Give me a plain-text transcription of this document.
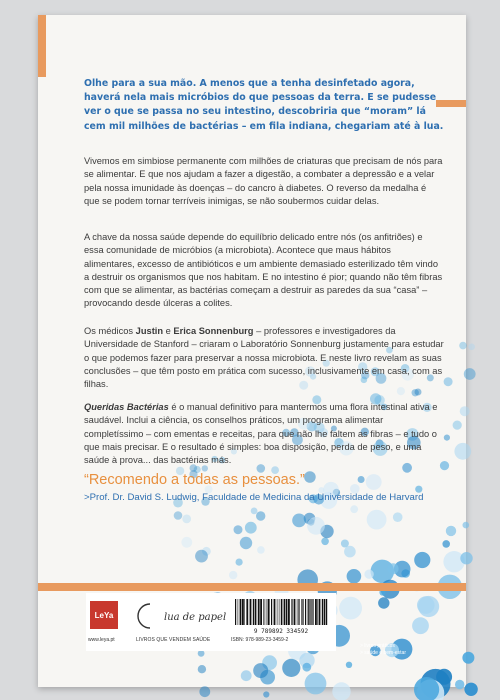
Olhe para a sua mão. A menos que a tenha desinfetado agora, haverá nela mais micróbios do que pessoas da terra. E se pudesse ver o que se passa no seu intestino, descobriria que “moram” lá cem mil milhões de bactérias – em fila indiana, chegariam até à lua.

Vivemos em simbiose permanente com milhões de criaturas que precisam de nós para se alimentar. E que nos ajudam a fazer a digestão, a combater a depressão e a velar pela nossa imunidade às doenças – do cancro à diabetes. O reverso da medalha é que se podem tornar terríveis inimigas, se não soubermos cuidar delas.

A chave da nossa saúde depende do equilíbrio delicado entre nós (os anfitriões) e essa comunidade de micróbios (a microbiota). Acontece que maus hábitos alimentares, excesso de antibióticos e um ambiente demasiado esterilizado têm vindo a destruir os organismos que nos habitam. E no intestino é pior; quando não têm fibras com que se alimentar, as bactérias começam a destruir as paredes da sua “casa” – provocando desde úlceras a colites.

Os médicos Justin e Erica Sonnenburg – professores e investigadores da Universidade de Stanford – criaram o Laboratório Sonnenburg justamente para estudar o que podemos fazer para preservar a nossa microbiota. E neste livro revelam as suas conclusões – que têm posto em prática com sucesso, inclusivamente em casa, com as filhas.

Queridas Bactérias é o manual definitivo para mantermos uma flora intestinal ativa e saudável. Inclui a ciência, os conselhos práticos, um programa alimentar completíssimo – com ementas e receitas, para que não lhe faltem as fibras – e tudo o que mais precisar. E o resultado é simples: boa disposição, perda de peso, e uma saúde à prova... das bactérias más.

“Recomendo a todas as pessoas.”

>Prof. Dr. David S. Ludwig, Faculdade de Medicina da Universidade de Harvard

LeYa
www.leya.pt
lua de papel
LIVROS QUE VENDEM SAÚDE
9 789892 334592
ISBN: 978-989-23-3459-2
> livros práticos
> saúde e bem-estar
